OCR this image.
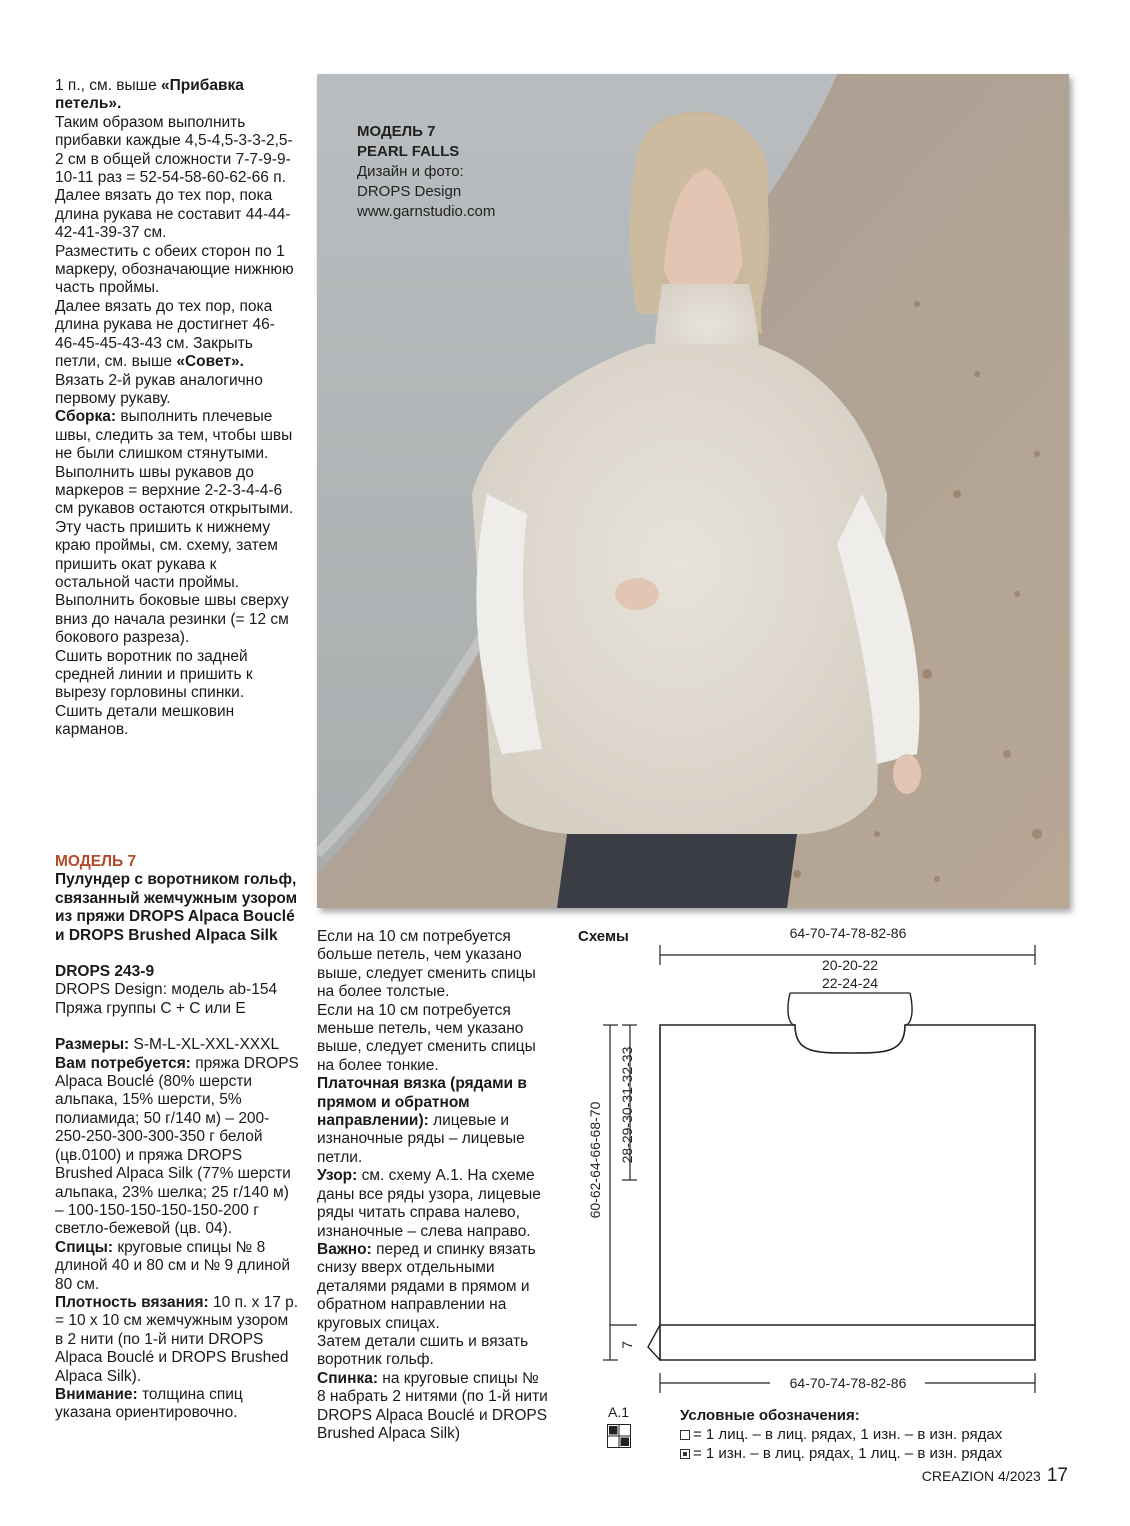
1 п., см. выше «Прибавка петель».

Таким образом выполнить прибавки каждые 4,5-4,5-3-3-2,5-2 см в общей сложности 7-7-9-9-10-11 раз = 52-54-58-60-62-66 п.

Далее вязать до тех пор, пока длина рукава не составит 44-44-42-41-39-37 см.

Разместить с обеих сторон по 1 маркеру, обозначающие нижнюю часть проймы.

Далее вязать до тех пор, пока длина рукава не достигнет 46-46-45-45-43-43 см. Закрыть петли, см. выше «Совет».

Вязать 2-й рукав аналогично первому рукаву.

Сборка: выполнить плечевые швы, следить за тем, чтобы швы не были слишком стянутыми.

Выполнить швы рукавов до маркеров = верхние 2-2-3-4-4-6 см рукавов остаются открытыми.

Эту часть пришить к нижнему краю проймы, см. схему, затем пришить окат рукава к остальной части проймы.

Выполнить боковые швы сверху вниз до начала резинки (= 12 см бокового разреза).

Сшить воротник по задней средней линии и пришить к вырезу горловины спинки.

Сшить детали мешковин карманов.

МОДЕЛЬ 7

Пулундер с воротником гольф, связанный жемчужным узором из пряжи DROPS Alpaca Bouclé и DROPS Brushed Alpaca Silk

DROPS 243-9

DROPS Design: модель ab-154

Пряжа группы C + C или E

Размеры: S-M-L-XL-XXL-XXXL

Вам потребуется: пряжа DROPS Alpaca Bouclé (80% шерсти альпака, 15% шерсти, 5% полиамида; 50 г/140 м) – 200-250-250-300-300-350 г белой (цв.0100) и пряжа DROPS Brushed Alpaca Silk (77% шерсти альпака, 23% шелка; 25 г/140 м) – 100-150-150-150-150-200 г светло-бежевой (цв. 04).

Спицы: круговые спицы № 8 длиной 40 и 80 см и № 9 длиной 80 см.

Плотность вязания: 10 п. х 17 р. = 10 х 10 см жемчужным узором в 2 нити (по 1-й нити DROPS Alpaca Bouclé и DROPS Brushed Alpaca Silk).

Внимание: толщина спиц указана ориентировочно.

Если на 10 см потребуется больше петель, чем указано выше, следует сменить спицы на более толстые.

Если на 10 см потребуется меньше петель, чем указано выше, следует сменить спицы на более тонкие.

Платочная вязка (рядами в прямом и обратном направлении): лицевые и изнаночные ряды – лицевые петли.

Узор: см. схему А.1. На схеме даны все ряды узора, лицевые ряды читать справа налево, изнаночные – слева направо.

Важно: перед и спинку вязать снизу вверх отдельными деталями рядами в прямом и обратном направлении на круговых спицах.

Затем детали сшить и вязать воротник гольф.

Спинка: на круговые спицы № 8 набрать 2 нитями (по 1-й нити DROPS Alpaca Bouclé и DROPS Brushed Alpaca Silk)

МОДЕЛЬ 7
PEARL FALLS
Дизайн и фото:
DROPS Design
www.garnstudio.com
Схемы	64-70-74-78-82-86
20-20-22
22-24-24
60-62-64-66-68-70 28-29-30-31-32-33
7
64-70-74-78-82-86
A.1	Условные обозначения:
= 1 лиц. – в лиц. рядах, 1 изн. – в изн. рядах
= 1 изн. – в лиц. рядах, 1 лиц. – в изн. рядах
CREAZION 4/2023 17
